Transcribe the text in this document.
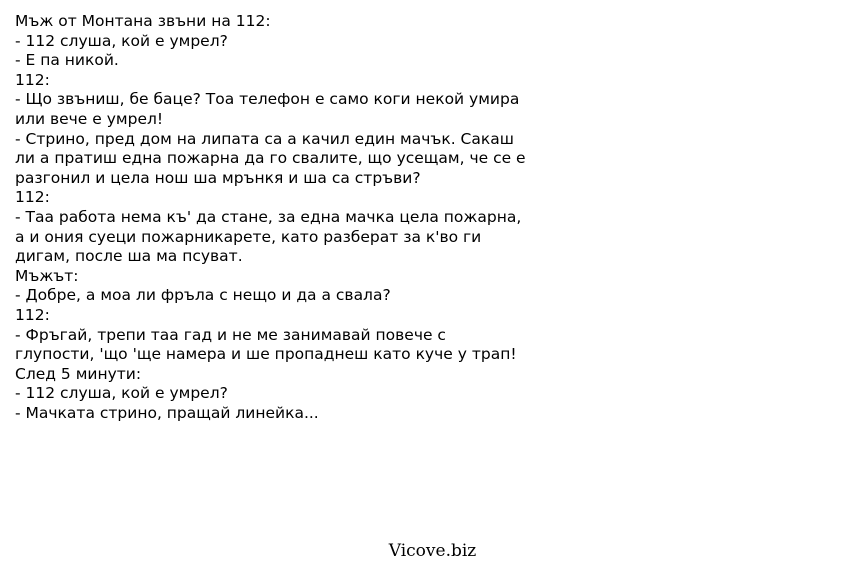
Мъж от Монтана звъни на 112:
- 112 слуша, кой е умрел?
- Е па никой.
112:
- Що звъниш, бе баце? Тоа телефон е само коги некой умира
или вече е умрел!
- Стрино, пред дом на липата са а качил един мачък. Сакаш
ли а пратиш една пожарна да го свалите, що усещам, че се е
разгонил и цела нош ша мрънкя и ша са стръви?
112:
- Таа работа нема къ' да стане, за една мачка цела пожарна,
а и ония суеци пожарникарете, като разберат за к'во ги
дигам, после ша ма псуват.
Мъжът:
- Добре, а моа ли фръла с нещо и да а свала?
112:
- Фръгай, трепи таа гад и не ме занимавай повече с
глупости, 'що 'ще намера и ше пропаднеш като куче у трап!
След 5 минути:
- 112 слуша, кой е умрел?
- Мачката стрино, пращай линейка...
Vicove.biz
